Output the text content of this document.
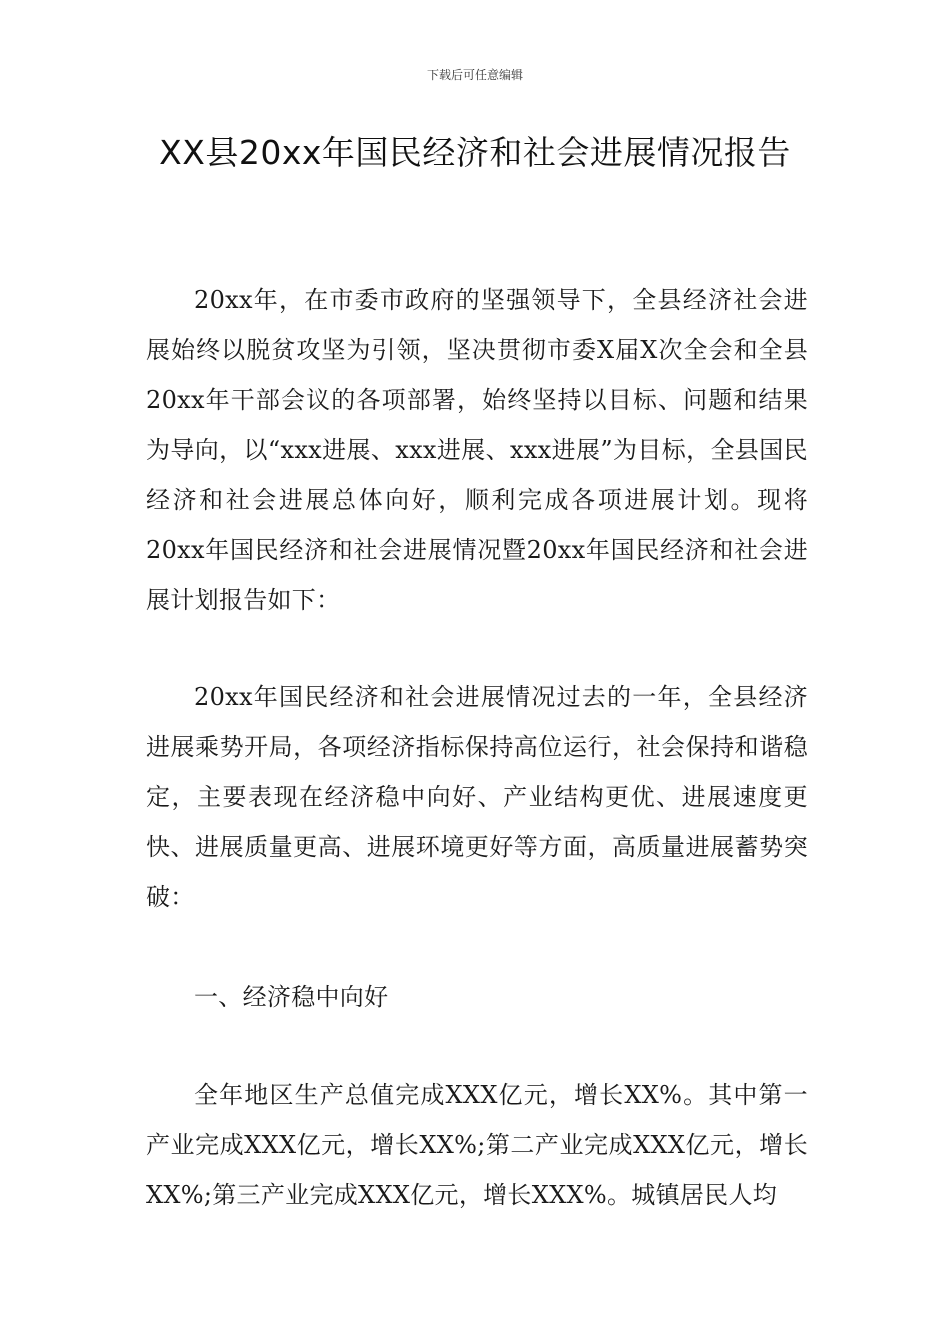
下载后可任意编辑
XX县20xx年国民经济和社会进展情况报告

20xx年，在市委市政府的坚强领导下，全县经济社会进展始终以脱贫攻坚为引领，坚决贯彻市委X届X次全会和全县20xx年干部会议的各项部署，始终坚持以目标、问题和结果为导向，以“xxx进展、xxx进展、xxx进展”为目标，全县国民经济和社会进展总体向好，顺利完成各项进展计划。现将20xx年国民经济和社会进展情况暨20xx年国民经济和社会进展计划报告如下：

20xx年国民经济和社会进展情况过去的一年，全县经济进展乘势开局，各项经济指标保持高位运行，社会保持和谐稳定，主要表现在经济稳中向好、产业结构更优、进展速度更快、进展质量更高、进展环境更好等方面，高质量进展蓄势突破：

一、经济稳中向好

全年地区生产总值完成XXX亿元，增长XX%。其中第一产业完成XXX亿元，增长XX%;第二产业完成XXX亿元，增长XX%;第三产业完成XXX亿元，增长XXX%。城镇居民人均
